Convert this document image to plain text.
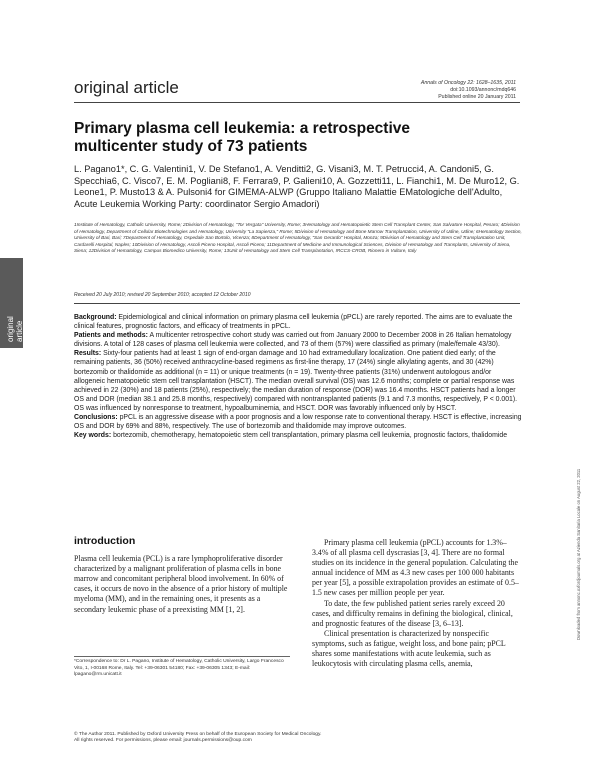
original article	Annals of Oncology 22: 1628–1635, 2011
doi:10.1093/annonc/mdq646
Published online 20 January 2011
Primary plasma cell leukemia: a retrospective
multicenter study of 73 patients
L. Pagano1*, C. G. Valentini1, V. De Stefano1, A. Venditti2, G. Visani3, M. T. Petrucci4, A. Candoni5, G. Specchia6, C. Visco7, E. M. Pogliani8, F. Ferrara9, P. Galieni10, A. Gozzetti11, L. Fianchi1, M. De Muro12, G. Leone1, P. Musto13 & A. Pulsoni4 for GIMEMA-ALWP (Gruppo Italiano Malattie EMatologiche dell'Adulto, Acute Leukemia Working Party: coordinator Sergio Amadori)
1Institute of Hematology, Catholic University, Rome; 2Division of Hematology, "Tor Vergata" University, Rome; 3Hematology and Hematopoietic Stem Cell Transplant Center, San Salvatore Hospital, Pesaro; 4Division of Hematology, Department of Cellular Biotechnologies and Hematology, University "La Sapienza," Rome; 5Division of Hematology and Bone Marrow Transplantation, University of Udine, Udine; 6Hematology Section, University of Bari, Bari; 7Department of Hematology, Ospedale San Bortolo, Vicenza; 8Department of Hematology, "San Gerardo" Hospital, Monza; 9Division of Hematology and Stem Cell Transplantation Unit, Cardarelli Hospital, Naples; 10Division of Hematology, Ascoli Piceno Hospital, Ascoli Piceno; 11Department of Medicine and Immunological Sciences, Division of Hematology and Transplants, University of Siena, Siena; 12Division of Hematology, Campus Biomedico University, Rome; 13Unit of Hematology and Stem Cell Transplantation, IRCCS-CROB, Rionero in Vulture, Italy
Received 20 July 2010; revised 20 September 2010; accepted 12 October 2010

Background: Epidemiological and clinical information on primary plasma cell leukemia (pPCL) are rarely reported. The aims are to evaluate the clinical features, prognostic factors, and efficacy of treatments in pPCL.

Patients and methods: A multicenter retrospective cohort study was carried out from January 2000 to December 2008 in 26 Italian hematology divisions. A total of 128 cases of plasma cell leukemia were collected, and 73 of them (57%) were classified as primary (male/female 43/30).

Results: Sixty-four patients had at least 1 sign of end-organ damage and 10 had extramedullary localization. One patient died early; of the remaining patients, 36 (50%) received anthracycline-based regimens as first-line therapy, 17 (24%) single alkylating agents, and 30 (42%) bortezomib or thalidomide as additional (n = 11) or unique treatments (n = 19). Twenty-three patients (31%) underwent autologous and/or allogeneic hematopoietic stem cell transplantation (HSCT). The median overall survival (OS) was 12.6 months; complete or partial response was achieved in 22 (30%) and 18 patients (25%), respectively; the median duration of response (DOR) was 16.4 months. HSCT patients had a longer OS and DOR (median 38.1 and 25.8 months, respectively) compared with nontransplanted patients (9.1 and 7.3 months, respectively, P < 0.001). OS was influenced by nonresponse to treatment, hypoalbuminemia, and HSCT. DOR was favorably influenced only by HSCT.

Conclusions: pPCL is an aggressive disease with a poor prognosis and a low response rate to conventional therapy. HSCT is effective, increasing OS and DOR by 69% and 88%, respectively. The use of bortezomib and thalidomide may improve outcomes.

Key words: bortezomib, chemotherapy, hematopoietic stem cell transplantation, primary plasma cell leukemia, prognostic factors, thalidomide

original article
Downloaded from annonc.oxfordjournals.org at Azienda Sanitaria Locale on August 22, 2011

introduction

Plasma cell leukemia (PCL) is a rare lymphoproliferative disorder characterized by a malignant proliferation of plasma cells in bone marrow and concomitant peripheral blood involvement. In 60% of cases, it occurs de novo in the absence of a prior history of multiple myeloma (MM), and in the remaining ones, it presents as a secondary leukemic phase of a preexisting MM [1, 2].

Primary plasma cell leukemia (pPCL) accounts for 1.3%–3.4% of all plasma cell dyscrasias [3, 4]. There are no formal studies on its incidence in the general population. Calculating the annual incidence of MM as 4.3 new cases per 100 000 habitants per year [5], a possible extrapolation provides an estimate of 0.5–1.5 new cases per million people per year.

To date, the few published patient series rarely exceed 20 cases, and difficulty remains in defining the biological, clinical, and prognostic features of the disease [3, 6–13].

Clinical presentation is characterized by nonspecific symptoms, such as fatigue, weight loss, and bone pain; pPCL shares some manifestations with acute leukemia, such as leukocytosis with circulating plasma cells, anemia,

*Correspondence to: Dr L. Pagano, Institute of Hematology, Catholic University, Largo Francesco Vito, 1, I-00168 Rome, Italy. Tel: +39-06301 54180; Fax: +39-06305 1343; E-mail: lpagano@rm.unicatt.it
© The Author 2011. Published by Oxford University Press on behalf of the European Society for Medical Oncology.
All rights reserved. For permissions, please email: journals.permissions@oup.com
